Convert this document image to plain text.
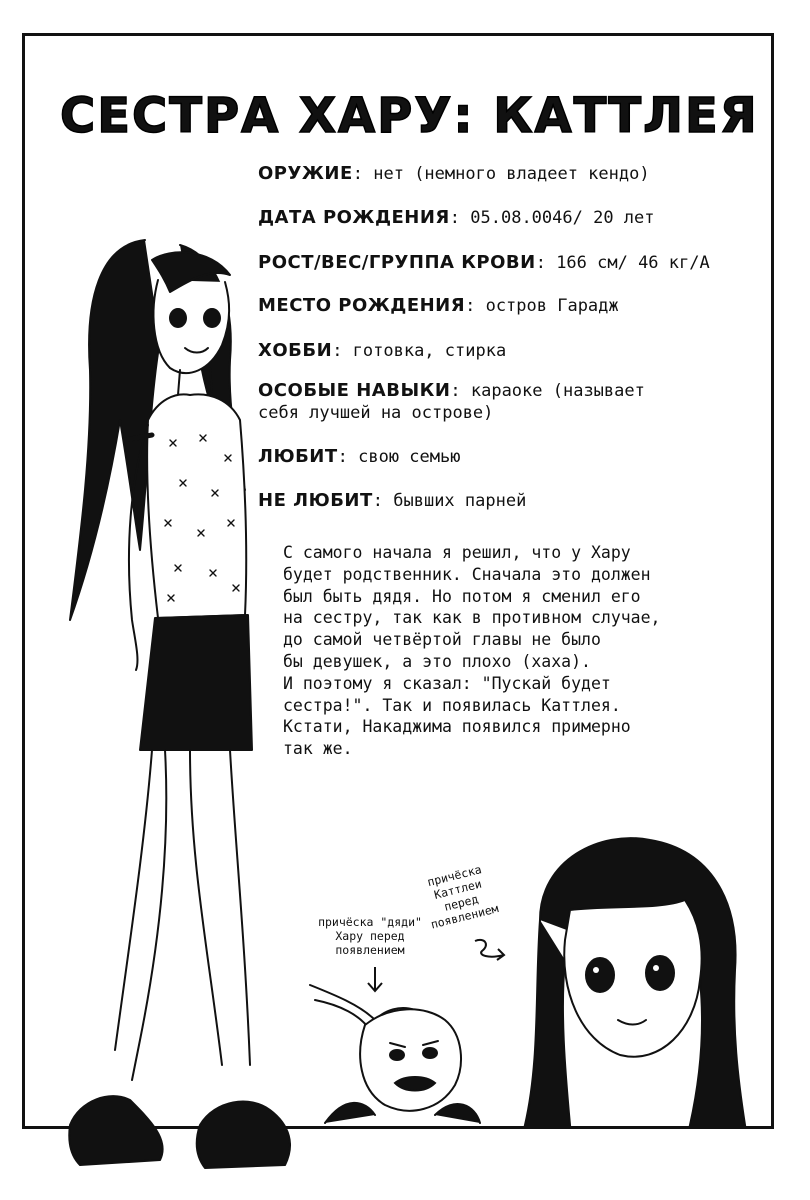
СЕСТРА ХАРУ: КАТТЛЕЯ
ОРУЖИЕ: нет (немного владеет кендо)
ДАТА РОЖДЕНИЯ: 05.08.0046/ 20 лет
РОСТ/ВЕС/ГРУППА КРОВИ: 166 см/ 46 кг/А
МЕСТО РОЖДЕНИЯ: остров Гарадж
ХОББИ: готовка, стирка
ОСОБЫЕ НАВЫКИ: караоке (называет себя лучшей на острове)
ЛЮБИТ: свою семью
НЕ ЛЮБИТ: бывших парней
С самого начала я решил, что у Хару
будет родственник. Сначала это должен
был быть дядя. Но потом я сменил его
на сестру, так как в противном случае,
до самой четвёртой главы не было
бы девушек, а это плохо (хаха).
И поэтому я сказал: "Пускай будет
сестра!". Так и появилась Каттлея.
Кстати, Накаджима появился примерно
так же.
причёска "дяди"
Хару перед
появлением
причёска
Каттлеи
перед
появлением
